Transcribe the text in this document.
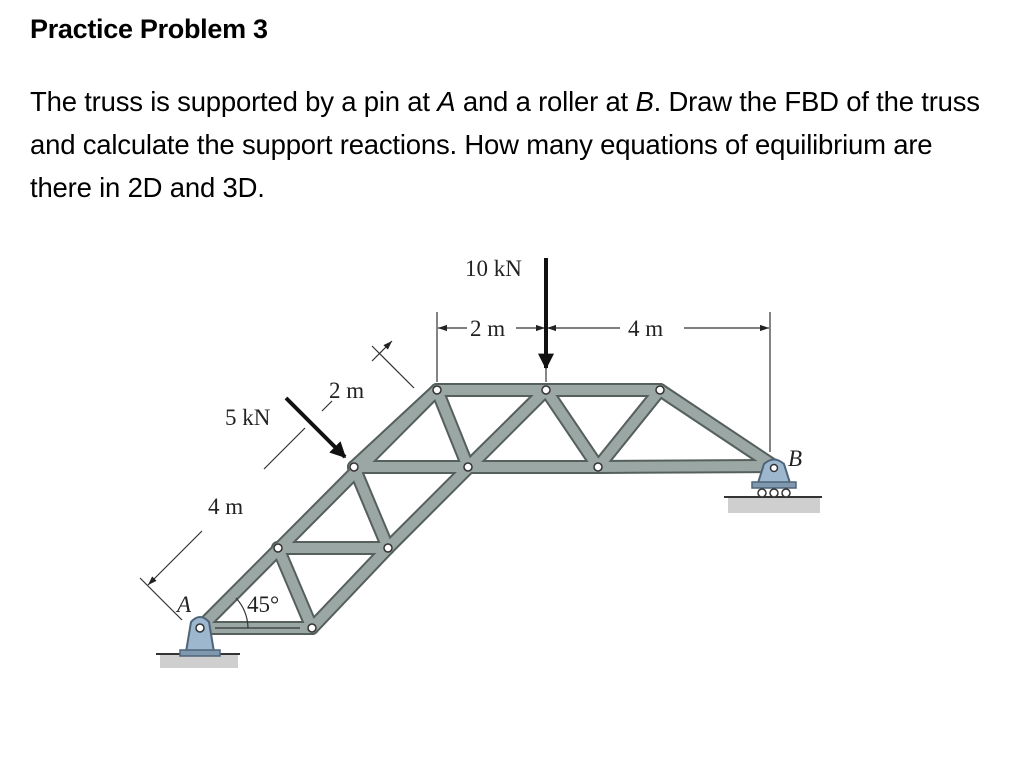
Practice Problem 3
The truss is supported by a pin at A and a roller at B. Draw the FBD of the truss and calculate the support reactions. How many equations of equilibrium are there in 2D and 3D.
10 kN
5 kN
2 m	4 m
2 m
4 m
45°
A
B
